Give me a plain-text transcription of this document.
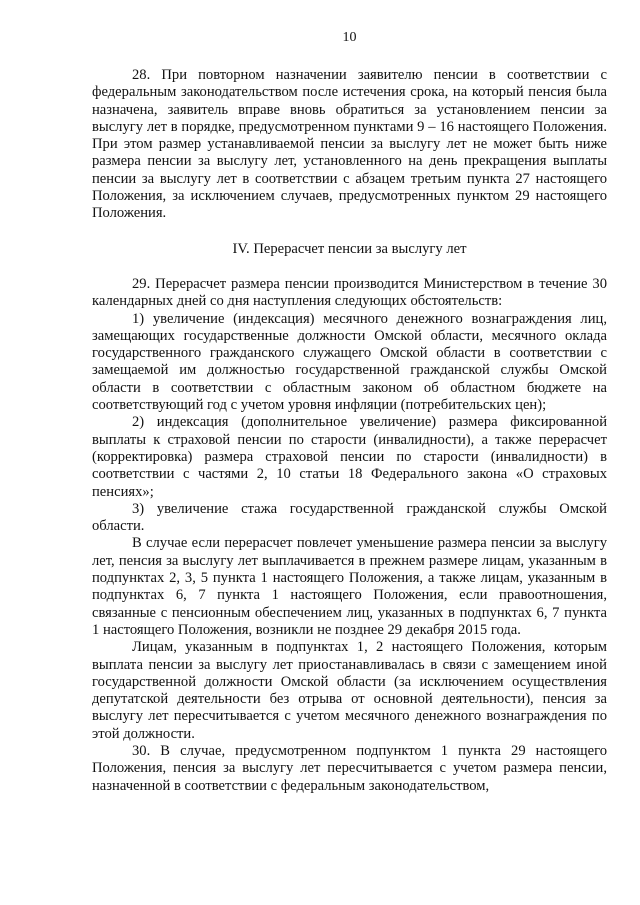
10

28. При повторном назначении заявителю пенсии в соответствии с федеральным законодательством после истечения срока, на который пенсия была назначена, заявитель вправе вновь обратиться за установлением пенсии за выслугу лет в порядке, предусмотренном пунктами 9 – 16 настоящего Положения. При этом размер устанавливаемой пенсии за выслугу лет не может быть ниже размера пенсии за выслугу лет, установленного на день прекращения выплаты пенсии за выслугу лет в соответствии с абзацем третьим пункта 27 настоящего Положения, за исключением случаев, предусмотренных пунктом 29 настоящего Положения.

IV. Перерасчет пенсии за выслугу лет

29. Перерасчет размера пенсии производится Министерством в течение 30 календарных дней со дня наступления следующих обстоятельств:

1) увеличение (индексация) месячного денежного вознаграждения лиц, замещающих государственные должности Омской области, месячного оклада государственного гражданского служащего Омской области в соответствии с замещаемой им должностью государственной гражданской службы Омской области в соответствии с областным законом об областном бюджете на соответствующий год с учетом уровня инфляции (потребительских цен);

2) индексация (дополнительное увеличение) размера фиксированной выплаты к страховой пенсии по старости (инвалидности), а также перерасчет (корректировка) размера страховой пенсии по старости (инвалидности) в соответствии с частями 2, 10 статьи 18 Федерального закона «О страховых пенсиях»;

3) увеличение стажа государственной гражданской службы Омской области.

В случае если перерасчет повлечет уменьшение размера пенсии за выслугу лет, пенсия за выслугу лет выплачивается в прежнем размере лицам, указанным в подпунктах 2, 3, 5 пункта 1 настоящего Положения, а также лицам, указанным в подпунктах 6, 7 пункта 1 настоящего Положения, если правоотношения, связанные с пенсионным обеспечением лиц, указанных в подпунктах 6, 7 пункта 1 настоящего Положения, возникли не позднее 29 декабря 2015 года.

Лицам, указанным в подпунктах 1, 2 настоящего Положения, которым выплата пенсии за выслугу лет приостанавливалась в связи с замещением иной государственной должности Омской области (за исключением осуществления депутатской деятельности без отрыва от основной деятельности), пенсия за выслугу лет пересчитывается с учетом месячного денежного вознаграждения по этой должности.

30. В случае, предусмотренном подпунктом 1 пункта 29 настоящего Положения, пенсия за выслугу лет пересчитывается с учетом размера пенсии, назначенной в соответствии с федеральным законодательством,
